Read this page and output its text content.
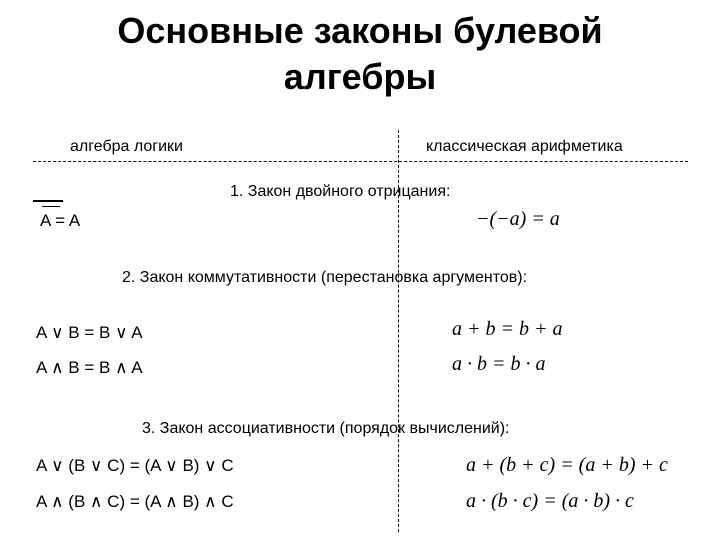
Основные законы булевой
алгебры
алгебра логики	классическая арифметика
1. Закон двойного отрицания:
A = A	−(−a) = a
2. Закон коммутативности (перестановка аргументов):
A ∨ B = B ∨ A
A ∧ B = B ∧ A
a + b = b + a
a · b = b · a
3. Закон ассоциативности (порядок вычислений):
A ∨ (B ∨ C) = (A ∨ B) ∨ C
A ∧ (B ∧ C) = (A ∧ B) ∧ C
a + (b + c) = (a + b) + c
a · (b · c) = (a · b) · c
